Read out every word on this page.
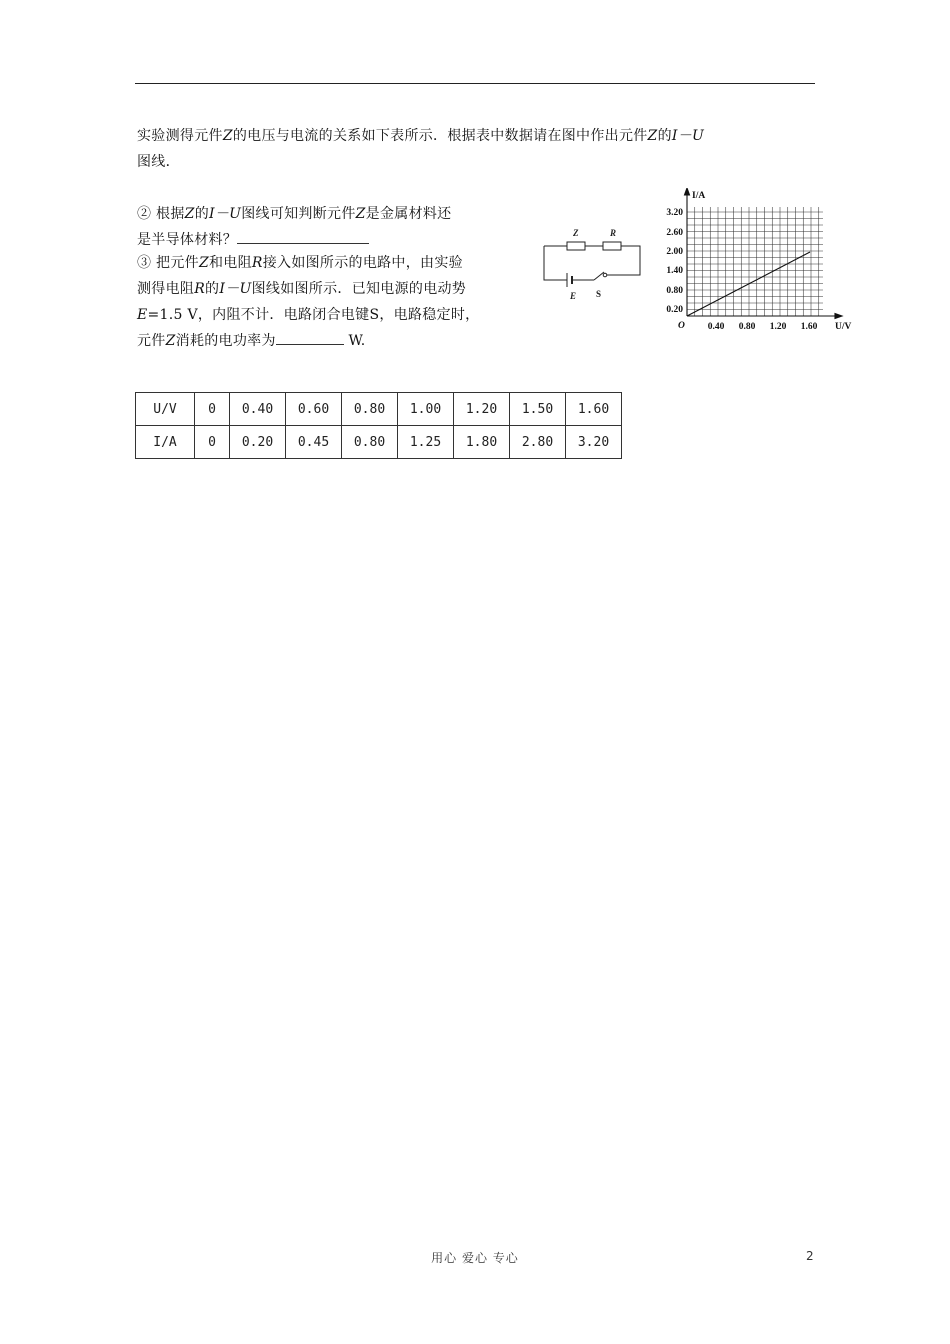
实验测得元件Z的电压与电流的关系如下表所示．根据表中数据请在图中作出元件Z的I－U
图线．
② 根据Z的I－U图线可知判断元件Z是金属材料还
是半导体材料？
③ 把元件Z和电阻R接入如图所示的电路中，由实验
测得电阻R的I－U图线如图所示．已知电源的电动势
E=1.5 V，内阻不计．电路闭合电键S，电路稳定时，
元件Z消耗的电功率为	W.
Z	R
E S
I/A
U/V
O
3.20
2.60
2.00
1.40
0.80
0.20
0.40 0.80 1.20 1.60
U/V	0	0.40	0.60	0.80	1.00	1.20	1.50	1.60
I/A	0	0.20	0.45	0.80	1.25	1.80	2.80	3.20
用心 爱心 专心	2
